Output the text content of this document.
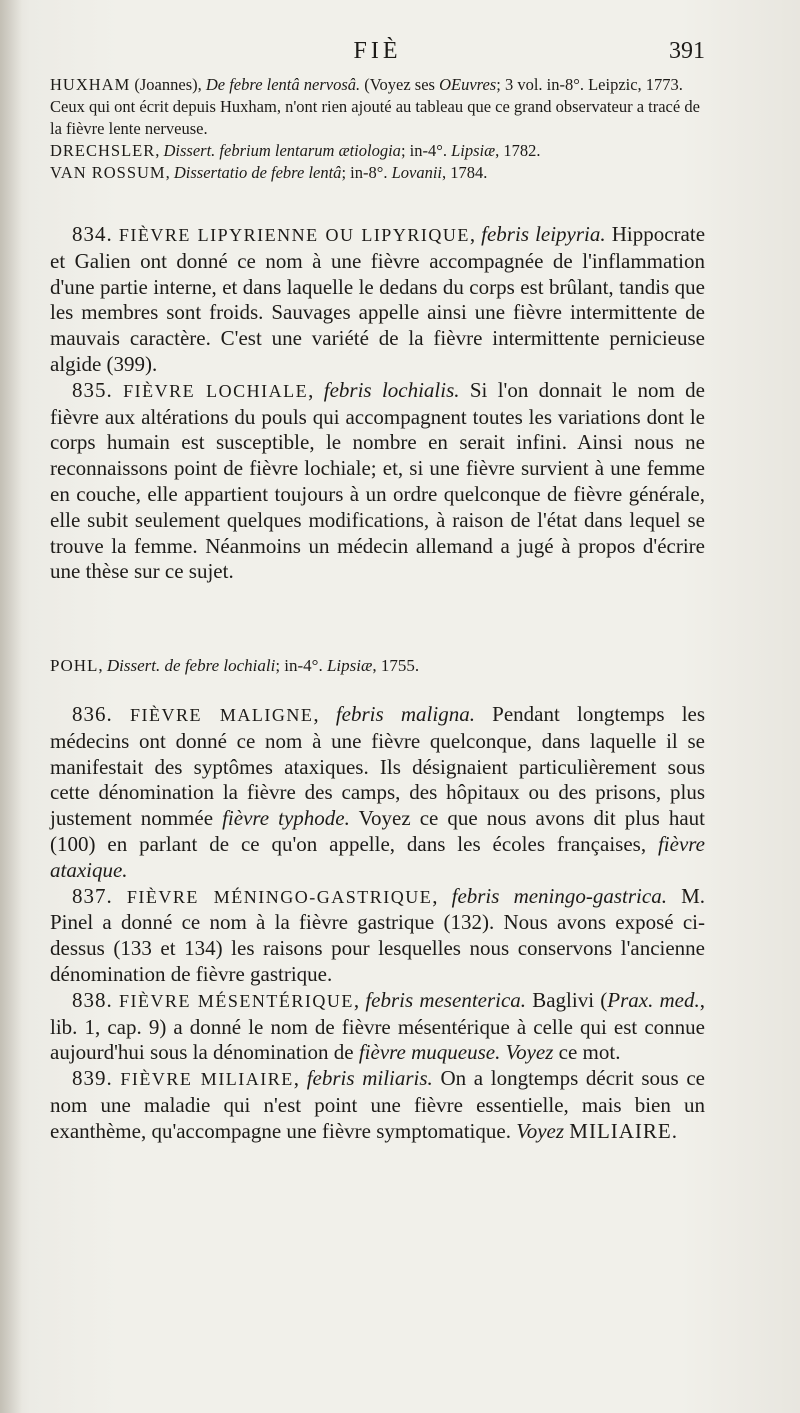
FIÈ	391

HUXHAM (Joannes), De febre lentâ nervosâ. (Voyez ses OEuvres; 3 vol. in-8°. Leipzic, 1773.

Ceux qui ont écrit depuis Huxham, n'ont rien ajouté au tableau que ce grand observateur a tracé de la fièvre lente nerveuse.

DRECHSLER, Dissert. febrium lentarum ætiologia; in-4°. Lipsiæ, 1782.

VAN ROSSUM, Dissertatio de febre lentâ; in-8°. Lovanii, 1784.

834. FIÈVRE LIPYRIENNE OU LIPYRIQUE, febris leipyria. Hippocrate et Galien ont donné ce nom à une fièvre accompagnée de l'inflammation d'une partie interne, et dans laquelle le dedans du corps est brûlant, tandis que les membres sont froids. Sauvages appelle ainsi une fièvre intermittente de mauvais caractère. C'est une variété de la fièvre intermittente pernicieuse algide (399).

835. FIÈVRE LOCHIALE, febris lochialis. Si l'on donnait le nom de fièvre aux altérations du pouls qui accompagnent toutes les variations dont le corps humain est susceptible, le nombre en serait infini. Ainsi nous ne reconnaissons point de fièvre lochiale; et, si une fièvre survient à une femme en couche, elle appartient toujours à un ordre quelconque de fièvre générale, elle subit seulement quelques modifications, à raison de l'état dans lequel se trouve la femme. Néanmoins un médecin allemand a jugé à propos d'écrire une thèse sur ce sujet.

POHL, Dissert. de febre lochiali; in-4°. Lipsiæ, 1755.

836. FIÈVRE MALIGNE, febris maligna. Pendant longtemps les médecins ont donné ce nom à une fièvre quelconque, dans laquelle il se manifestait des syptômes ataxiques. Ils désignaient particulièrement sous cette dénomination la fièvre des camps, des hôpitaux ou des prisons, plus justement nommée fièvre typhode. Voyez ce que nous avons dit plus haut (100) en parlant de ce qu'on appelle, dans les écoles françaises, fièvre ataxique.

837. FIÈVRE MÉNINGO-GASTRIQUE, febris meningo-gastrica. M. Pinel a donné ce nom à la fièvre gastrique (132). Nous avons exposé ci-dessus (133 et 134) les raisons pour lesquelles nous conservons l'ancienne dénomination de fièvre gastrique.

838. FIÈVRE MÉSENTÉRIQUE, febris mesenterica. Baglivi (Prax. med., lib. 1, cap. 9) a donné le nom de fièvre mésentérique à celle qui est connue aujourd'hui sous la dénomination de fièvre muqueuse. Voyez ce mot.

839. FIÈVRE MILIAIRE, febris miliaris. On a longtemps décrit sous ce nom une maladie qui n'est point une fièvre essentielle, mais bien un exanthème, qu'accompagne une fièvre symptomatique. Voyez MILIAIRE.
